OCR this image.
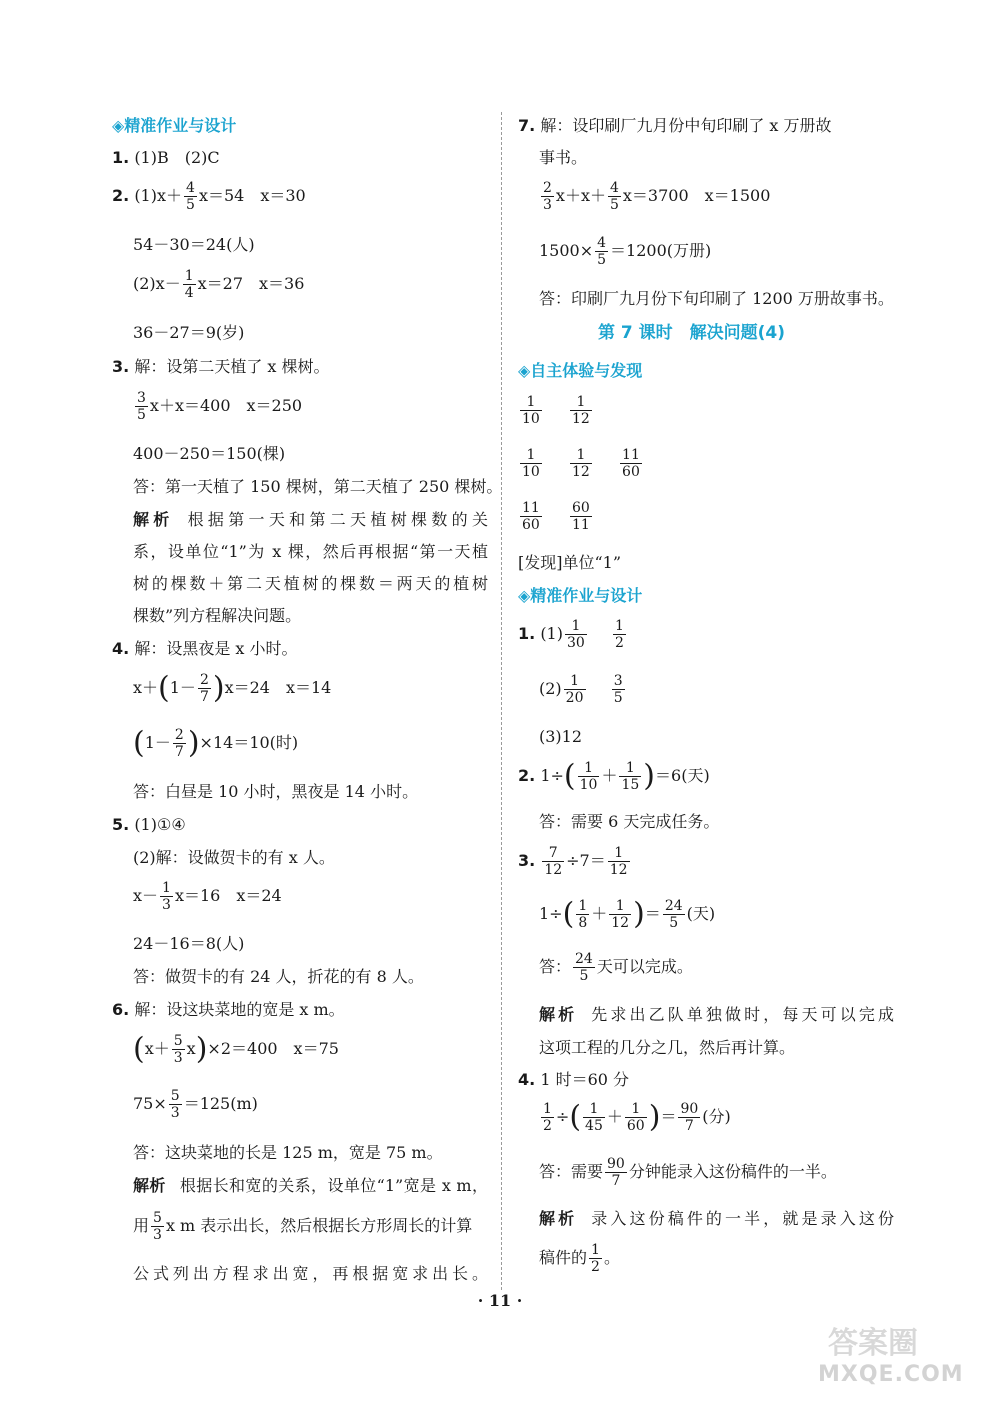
◈精准作业与设计
1. (1)B　(2)C
2. $(1)x+ \frac{4}{5} x=54$　x＝30
54－30＝24(人)
$(2)x- \frac{1}{4} x=27$　x＝36
36－27＝9(岁)
3. 解：设第二天植了 x 棵树。
$\frac{3}{5} x+x=400$　x＝250
400－250＝150(棵)
答：第一天植了 150 棵树，第二天植了 250 棵树。
解析 根据第一天和第二天植树棵数的关
系，设单位“1”为 x 棵，然后再根据“第一天植
树的棵数＋第二天植树的棵数＝两天的植树
棵数”列方程解决问题。
4. 解：设黑夜是 x 小时。
$x+(1- \frac{2}{7} )x=24$　x＝14
$(1- \frac{2}{7} )\times 14=10$(时)
答：白昼是 10 小时，黑夜是 14 小时。
5. (1)①④
(2)解：设做贺卡的有 x 人。
$x- \frac{1}{3} x=16$　x＝24
24－16＝8(人)
答：做贺卡的有 24 人，折花的有 8 人。
6. 解：设这块菜地的宽是 x m。
$(x+ \frac{5}{3} x)\times 2=400$　x＝75
$75\times \frac{5}{3} =125(m)$
答：这块菜地的长是 125 m，宽是 75 m。
解析 根据长和宽的关系，设单位“1”宽是 x m，
用 $\frac{5}{3}$ x m 表示出长，然后根据长方形周长的计算
公式列出方程求出宽，再根据宽求出长。
7. 解：设印刷厂九月份中旬印刷了 x 万册故
事书。
$\frac{2}{3} x+x+ \frac{4}{5} x=3700$　x＝1500
$1500\times \frac{4}{5} =1200$(万册)
答：印刷厂九月份下旬印刷了 1200 万册故事书。
第 7 课时　解决问题(4)
◈自主体验与发现
$\frac{1}{10}$
$\frac{1}{12}$
$\frac{1}{10}$
$\frac{1}{12}$
$\frac{11}{60}$
$\frac{11}{60}$
$\frac{60}{11}$
[发现]单位“1”
◈精准作业与设计
1. $(1) \frac{1}{30}$
$\frac{1}{2}$
$(2) \frac{1}{20}$
$\frac{3}{5}$
(3)12
2. $1\div( \frac{1}{10} + \frac{1}{15} )=6$(天)
答：需要 6 天完成任务。
3. $\frac{7}{12} \div 7= \frac{1}{12}$
$1\div( \frac{1}{8} + \frac{1}{12}$ )＝ $\frac{24}{5}$ (天)
答： $\frac{24}{5}$ 天可以完成。
解析 先求出乙队单独做时，每天可以完成
这项工程的几分之几，然后再计算。
4. 1 时＝60 分
$\frac{1}{2}$ ÷( $\frac{1}{45} + \frac{1}{60}$ )＝ $\frac{90}{7}$ (分)
答：需要 $\frac{90}{7}$ 分钟能录入这份稿件的一半。
解析 录入这份稿件的一半，就是录入这份
稿件的 $\frac{1}{2}$ 。
· 11 ·
答案圈
MXQE.COM
